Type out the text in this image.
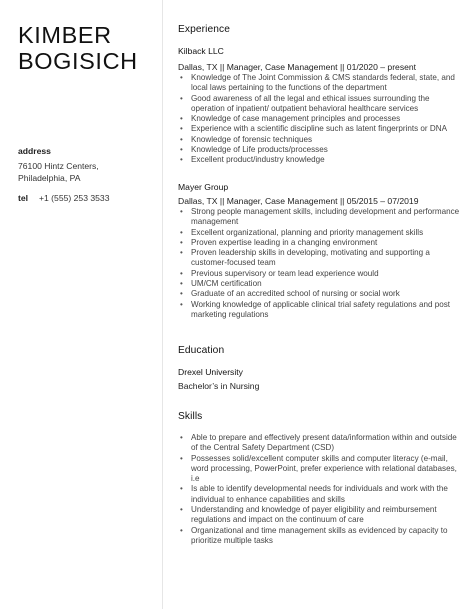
KIMBER
BOGISICH
address
76100 Hintz Centers,
Philadelphia, PA
tel	+1 (555) 253 3533
Experience
Kilback LLC
Dallas, TX || Manager, Case Management || 01/2020 – present
• Knowledge of The Joint Commission & CMS standards federal, state, and local laws pertaining to the functions of the department
• Good awareness of all the legal and ethical issues surrounding the operation of inpatient/ outpatient behavioral healthcare services
• Knowledge of case management principles and processes
• Experience with a scientific discipline such as latent fingerprints or DNA
• Knowledge of forensic techniques
• Knowledge of Life products/processes
• Excellent product/industry knowledge
Mayer Group
Dallas, TX || Manager, Case Management || 05/2015 – 07/2019
• Strong people management skills, including development and performance management
• Excellent organizational, planning and priority management skills
• Proven expertise leading in a changing environment
• Proven leadership skills in developing, motivating and supporting a customer-focused team
• Previous supervisory or team lead experience would
• UM/CM certification
• Graduate of an accredited school of nursing or social work
• Working knowledge of applicable clinical trial safety regulations and post marketing regulations
Education
Drexel University
Bachelor’s in Nursing
Skills
• Able to prepare and effectively present data/information within and outside of the Central Safety Department (CSD)
• Possesses solid/excellent computer skills and computer literacy (e-mail, word processing, PowerPoint, prefer experience with relational databases, i.e
• Is able to identify developmental needs for individuals and work with the individual to enhance capabilities and skills
• Understanding and knowledge of payer eligibility and reimbursement regulations and impact on the continuum of care
• Organizational and time management skills as evidenced by capacity to prioritize multiple tasks
